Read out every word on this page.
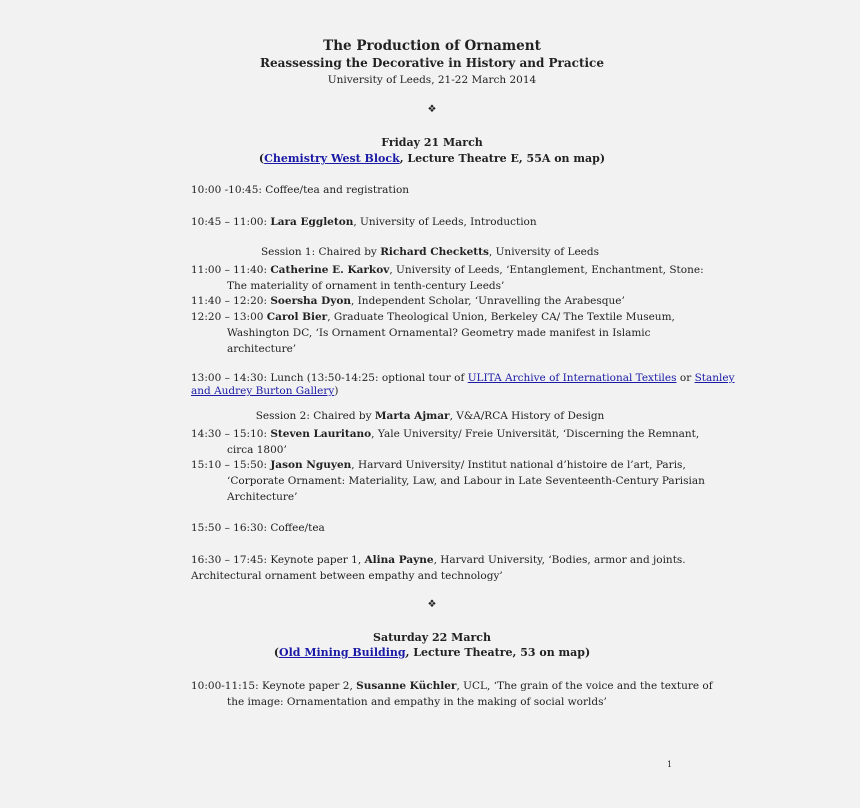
The Production of Ornament
Reassessing the Decorative in History and Practice
University of Leeds, 21-22 March 2014
❖
Friday 21 March
(Chemistry West Block, Lecture Theatre E, 55A on map)
10:00 -10:45: Coffee/tea and registration
10:45 – 11:00: Lara Eggleton, University of Leeds, Introduction
Session 1: Chaired by Richard Checketts, University of Leeds
11:00 – 11:40: Catherine E. Karkov, University of Leeds, ‘Entanglement, Enchantment, Stone:
The materiality of ornament in tenth-century Leeds’
11:40 – 12:20: Soersha Dyon, Independent Scholar, ‘Unravelling the Arabesque’
12:20 – 13:00 Carol Bier, Graduate Theological Union, Berkeley CA/ The Textile Museum,
Washington DC, ‘Is Ornament Ornamental? Geometry made manifest in Islamic
architecture’
13:00 – 14:30: Lunch (13:50-14:25: optional tour of ULITA Archive of International Textiles or Stanley
and Audrey Burton Gallery)
Session 2: Chaired by Marta Ajmar, V&A/RCA History of Design
14:30 – 15:10: Steven Lauritano, Yale University/ Freie Universität, ‘Discerning the Remnant,
circa 1800’
15:10 – 15:50: Jason Nguyen, Harvard University/ Institut national d’histoire de l’art, Paris,
‘Corporate Ornament: Materiality, Law, and Labour in Late Seventeenth-Century Parisian
Architecture’
15:50 – 16:30: Coffee/tea
16:30 – 17:45: Keynote paper 1, Alina Payne, Harvard University, ‘Bodies, armor and joints.
Architectural ornament between empathy and technology’
❖
Saturday 22 March
(Old Mining Building, Lecture Theatre, 53 on map)
10:00-11:15: Keynote paper 2, Susanne Küchler, UCL, ‘The grain of the voice and the texture of
the image: Ornamentation and empathy in the making of social worlds’
1
